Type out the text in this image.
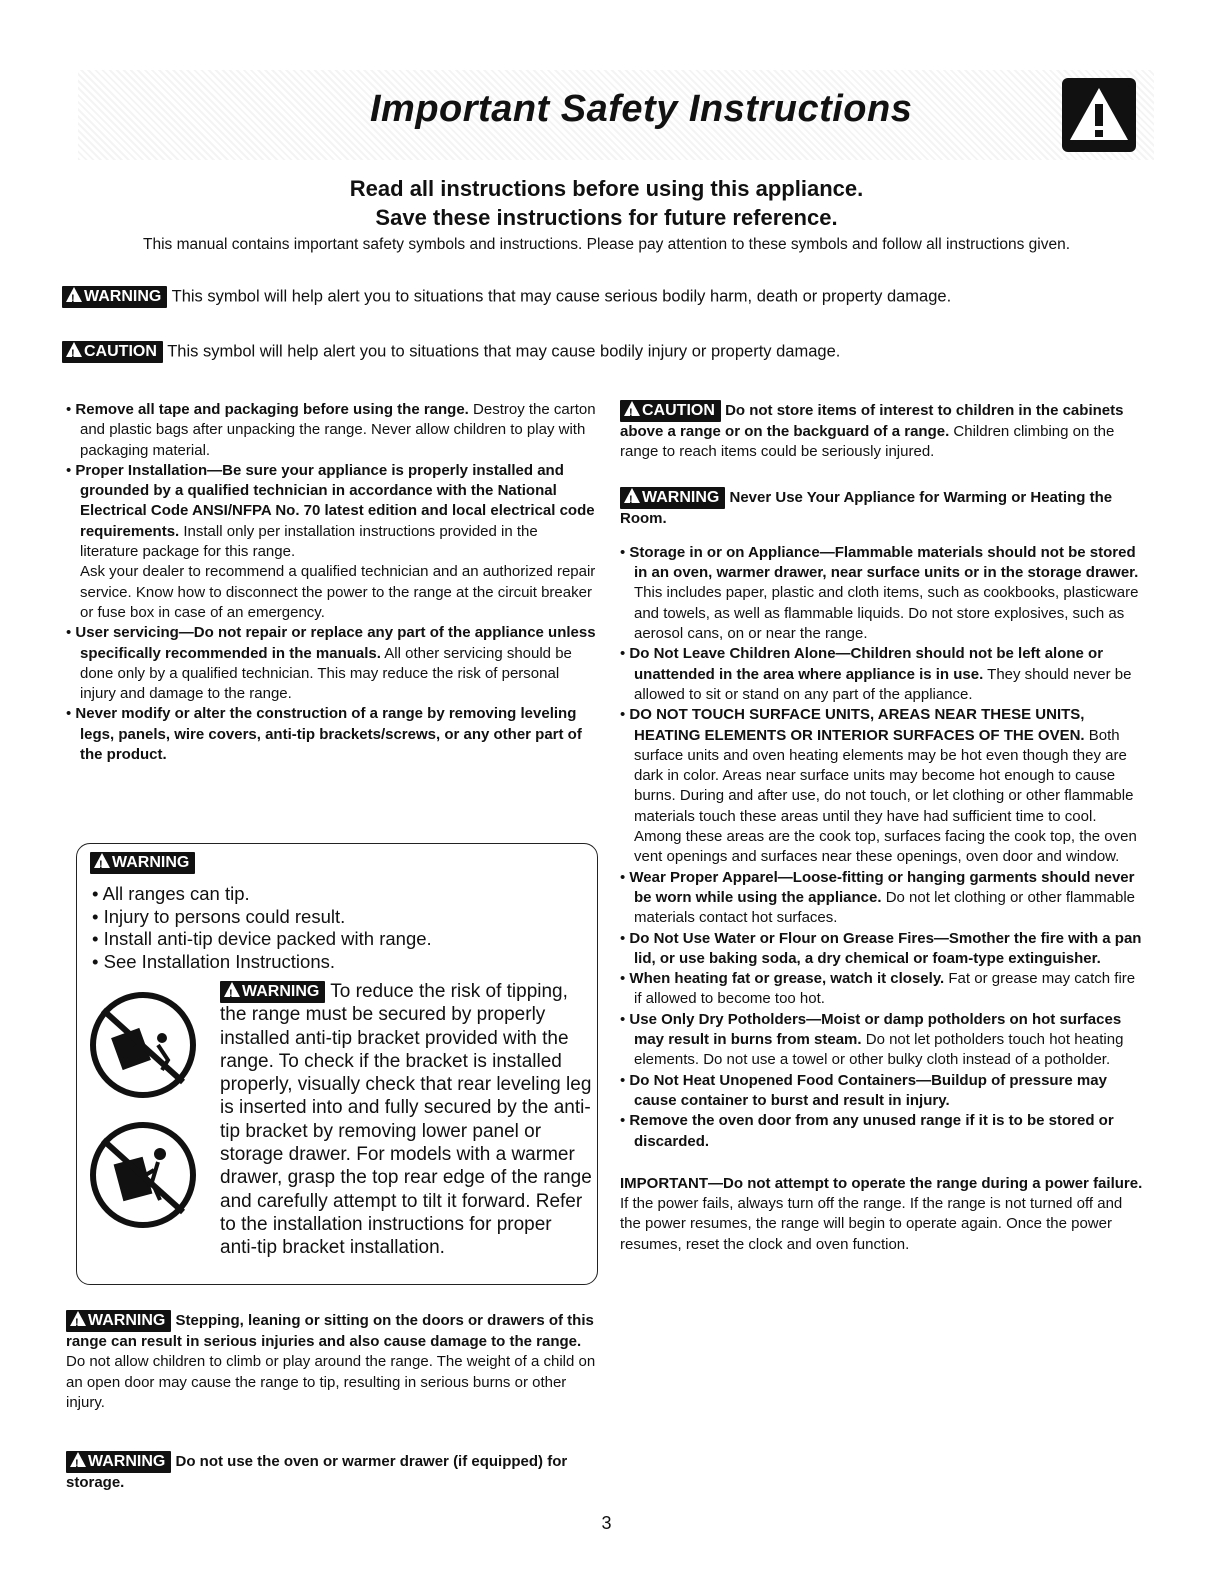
Important Safety Instructions
Read all instructions before using this appliance.
Save these instructions for future reference.
This manual contains important safety symbols and instructions. Please pay attention to these symbols and follow all instructions given.
!WARNING This symbol will help alert you to situations that may cause serious bodily harm, death or property damage.
!CAUTION This symbol will help alert you to situations that may cause bodily injury or property damage.

• Remove all tape and packaging before using the range. Destroy the carton and plastic bags after unpacking the range. Never allow children to play with packaging material.

• Proper Installation—Be sure your appliance is properly installed and grounded by a qualified technician in accordance with the National Electrical Code ANSI/NFPA No. 70 latest edition and local electrical code requirements. Install only per installation instructions provided in the literature package for this range.

Ask your dealer to recommend a qualified technician and an authorized repair service. Know how to disconnect the power to the range at the circuit breaker or fuse box in case of an emergency.

• User servicing—Do not repair or replace any part of the appliance unless specifically recommended in the manuals. All other servicing should be done only by a qualified technician. This may reduce the risk of personal injury and damage to the range.

• Never modify or alter the construction of a range by removing leveling legs, panels, wire covers, anti-tip brackets/screws, or any other part of the product.

!WARNING
• All ranges can tip.
• Injury to persons could result.
• Install anti-tip device packed with range.
• See Installation Instructions.
!WARNING To reduce the risk of tipping, the range must be secured by properly installed anti-tip bracket provided with the range. To check if the bracket is installed properly, visually check that rear leveling leg is inserted into and fully secured by the anti-tip bracket by removing lower panel or storage drawer. For models with a warmer drawer, grasp the top rear edge of the range and carefully attempt to tilt it forward. Refer to the installation instructions for proper anti-tip bracket installation.
!WARNING Stepping, leaning or sitting on the doors or drawers of this range can result in serious injuries and also cause damage to the range. Do not allow children to climb or play around the range. The weight of a child on an open door may cause the range to tip, resulting in serious burns or other injury.
!WARNING Do not use the oven or warmer drawer (if equipped) for storage.

!CAUTION Do not store items of interest to children in the cabinets above a range or on the backguard of a range. Children climbing on the range to reach items could be seriously injured.

!WARNING Never Use Your Appliance for Warming or Heating the Room.

• Storage in or on Appliance—Flammable materials should not be stored in an oven, warmer drawer, near surface units or in the storage drawer. This includes paper, plastic and cloth items, such as cookbooks, plasticware and towels, as well as flammable liquids. Do not store explosives, such as aerosol cans, on or near the range.

• Do Not Leave Children Alone—Children should not be left alone or unattended in the area where appliance is in use. They should never be allowed to sit or stand on any part of the appliance.

• DO NOT TOUCH SURFACE UNITS, AREAS NEAR THESE UNITS, HEATING ELEMENTS OR INTERIOR SURFACES OF THE OVEN. Both surface units and oven heating elements may be hot even though they are dark in color. Areas near surface units may become hot enough to cause burns. During and after use, do not touch, or let clothing or other flammable materials touch these areas until they have had sufficient time to cool. Among these areas are the cook top, surfaces facing the cook top, the oven vent openings and surfaces near these openings, oven door and window.

• Wear Proper Apparel—Loose-fitting or hanging garments should never be worn while using the appliance. Do not let clothing or other flammable materials contact hot surfaces.

• Do Not Use Water or Flour on Grease Fires—Smother the fire with a pan lid, or use baking soda, a dry chemical or foam-type extinguisher.

• When heating fat or grease, watch it closely. Fat or grease may catch fire if allowed to become too hot.

• Use Only Dry Potholders—Moist or damp potholders on hot surfaces may result in burns from steam. Do not let potholders touch hot heating elements. Do not use a towel or other bulky cloth instead of a potholder.

• Do Not Heat Unopened Food Containers—Buildup of pressure may cause container to burst and result in injury.

• Remove the oven door from any unused range if it is to be stored or discarded.

IMPORTANT—Do not attempt to operate the range during a power failure. If the power fails, always turn off the range. If the range is not turned off and the power resumes, the range will begin to operate again. Once the power resumes, reset the clock and oven function.

3
